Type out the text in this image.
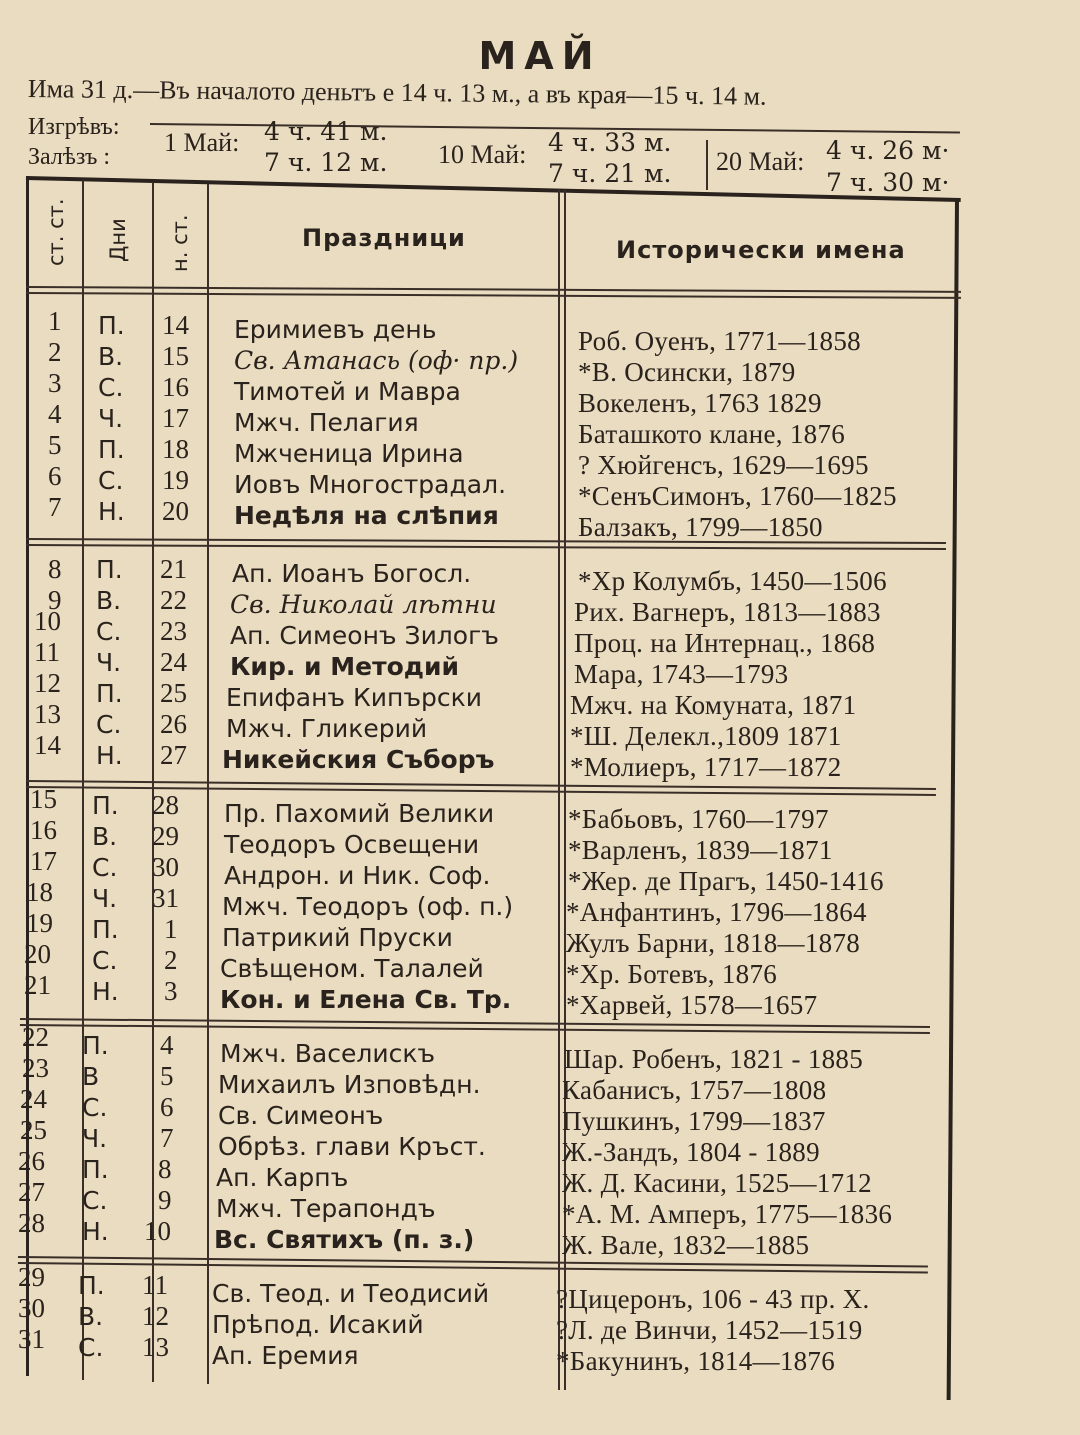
МАЙ
Има 31 д.—Въ началото деньтъ е 14 ч. 13 м., а въ края—15 ч. 14 м.
Изгрѣвъ:
Залѣзъ : 1 Май: 4 ч. 41 м.
7 ч. 12 м. 10 Май: 4 ч. 33 м.
7 ч. 21 м. 20 Май: 4 ч. 26 м·
7 ч. 30 м·
ст. ст. Дни н. ст.	Праздници	Исторически имена
1
2
3
4
5
6
7
П.
В.
С.
Ч.
П.
С.
Н.
14
15
16
17
18
19
20
Еримиевъ день
Св. Атанась (оф· пр.)
Тимотей и Мавра
Мжч. Пелагия
Мжченица Ирина
Иовъ Многострадал.
Недѣля на слѣпия
Роб. Оуенъ, 1771—1858
*В. Осински, 1879
Вокеленъ, 1763 1829
Баташкото клане, 1876
? Хюйгенсъ, 1629—1695
*СенъСимонъ, 1760—1825
Балзакъ, 1799—1850
8
9
10
11
12
13
14
П.
В.
С.
Ч.
П.
С.
Н.
21
22
23
24
25
26
27
Ап. Иоанъ Богосл.
Св. Николай лѣтни
Ап. Симеонъ Зилогъ
Кир. и Методий
Епифанъ Кипърски
Мжч. Гликерий
Никейския Съборъ
*Хр Колумбъ, 1450—1506
Рих. Вагнеръ, 1813—1883
Проц. на Интернац., 1868
Мара, 1743—1793
Мжч. на Комуната, 1871
*Ш. Делекл.,1809 1871
*Молиеръ, 1717—1872
15
16
17
18
19
20
21
П.
В.
С.
Ч.
П.
С.
Н.
28
29
30
31
1
2
3
Пр. Пахомий Велики
Теодоръ Освещени
Андрон. и Ник. Соф.
Мжч. Теодоръ (оф. п.)
Патрикий Пруски
Свѣщеном. Талалей
Кон. и Елена Св. Тр.
*Бабьовъ, 1760—1797
*Варленъ, 1839—1871
*Жер. де Прагъ, 1450-1416
*Анфантинъ, 1796—1864
Жулъ Барни, 1818—1878
*Хр. Ботевъ, 1876
*Харвей, 1578—1657
22
23
24
25
26
27
28
П.
В
С.
Ч.
П.
С.
Н.
4
5
6
7
8
9
10
Мжч. Васелискъ
Михаилъ Изповѣдн.
Св. Симеонъ
Обрѣз. глави Кръст.
Ап. Карпъ
Мжч. Терапондъ
Вс. Святихъ (п. з.)
Шар. Робенъ, 1821 - 1885
Кабанисъ, 1757—1808
Пушкинъ, 1799—1837
Ж.-Зандъ, 1804 - 1889
Ж. Д. Касини, 1525—1712
*А. М. Амперъ, 1775—1836
Ж. Вале, 1832—1885
29
30
31
П.
В.
С.
11
12
13
Св. Теод. и Теодисий
Прѣпод. Исакий
Ап. Еремия
?Цицеронъ, 106 - 43 пр. Х.
?Л. де Винчи, 1452—1519
*Бакунинъ, 1814—1876
